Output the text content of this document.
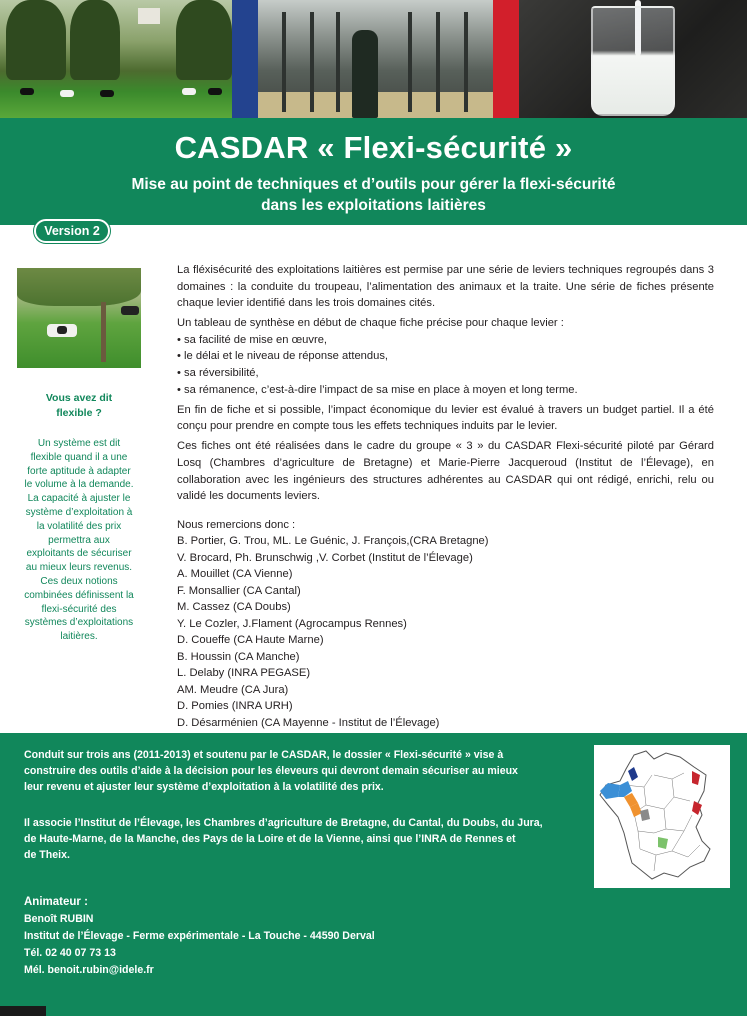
CASDAR « Flexi-sécurité »
Mise au point de techniques et d’outils pour gérer la flexi-sécurité
dans les exploitations laitières
Version 2
Vous avez dit
flexible ?
Un système est dit
flexible quand il a une
forte aptitude à adapter
le volume à la demande.
La capacité à ajuster le
système d’exploitation à
la volatilité des prix
permettra aux
exploitants de sécuriser
au mieux leurs revenus.
Ces deux notions
combinées définissent la
flexi-sécurité des
systèmes d’exploitations
laitières.

La fléxisécurité des exploitations laitières est permise par une série de leviers techniques regroupés dans 3 domaines : la conduite du troupeau, l’alimentation des animaux et la traite. Une série de fiches présente chaque levier identifié dans les trois domaines cités.

Un tableau de synthèse en début de chaque fiche précise pour chaque levier :

• sa facilité de mise en œuvre,
• le délai et le niveau de réponse attendus,
• sa réversibilité,
• sa rémanence, c’est-à-dire l’impact de sa mise en place à moyen et long terme.

En fin de fiche et si possible, l’impact économique du levier est évalué à travers un budget partiel. Il a été conçu pour prendre en compte tous les effets techniques induits par le levier.

Ces fiches ont été réalisées dans le cadre du groupe « 3 » du CASDAR Flexi-sécurité piloté par Gérard Losq (Chambres d’agriculture de Bretagne) et Marie-Pierre Jacqueroud (Institut de l’Élevage), en collaboration avec les ingénieurs des structures adhérentes au CASDAR qui ont rédigé, enrichi, relu ou validé les documents leviers.

Nous remercions donc :
B. Portier, G. Trou, ML. Le Guénic, J. François,(CRA Bretagne)
V. Brocard, Ph. Brunschwig ,V. Corbet (Institut de l’Élevage)
A. Mouillet (CA Vienne)
F. Monsallier (CA Cantal)
M. Cassez (CA Doubs)
Y. Le Cozler, J.Flament (Agrocampus Rennes)
D. Coueffe (CA Haute Marne)
B. Houssin (CA Manche)
L. Delaby (INRA PEGASE)
AM. Meudre (CA Jura)
D. Pomies (INRA URH)
D. Désarménien (CA Mayenne - Institut de l’Élevage)
Conduit sur trois ans (2011-2013) et soutenu par le CASDAR, le dossier « Flexi-sécurité » vise à
construire des outils d’aide à la décision pour les éleveurs qui devront demain sécuriser au mieux
leur revenu et ajuster leur système d’exploitation à la volatilité des prix.
Il associe l’Institut de l’Élevage, les Chambres d’agriculture de Bretagne, du Cantal, du Doubs, du Jura,
de Haute-Marne, de la Manche, des Pays de la Loire et de la Vienne, ainsi que l’INRA de Rennes et
de Theix.
Animateur :
Benoît RUBIN
Institut de l’Élevage - Ferme expérimentale - La Touche - 44590 Derval
Tél. 02 40 07 73 13
Mél. benoit.rubin@idele.fr
